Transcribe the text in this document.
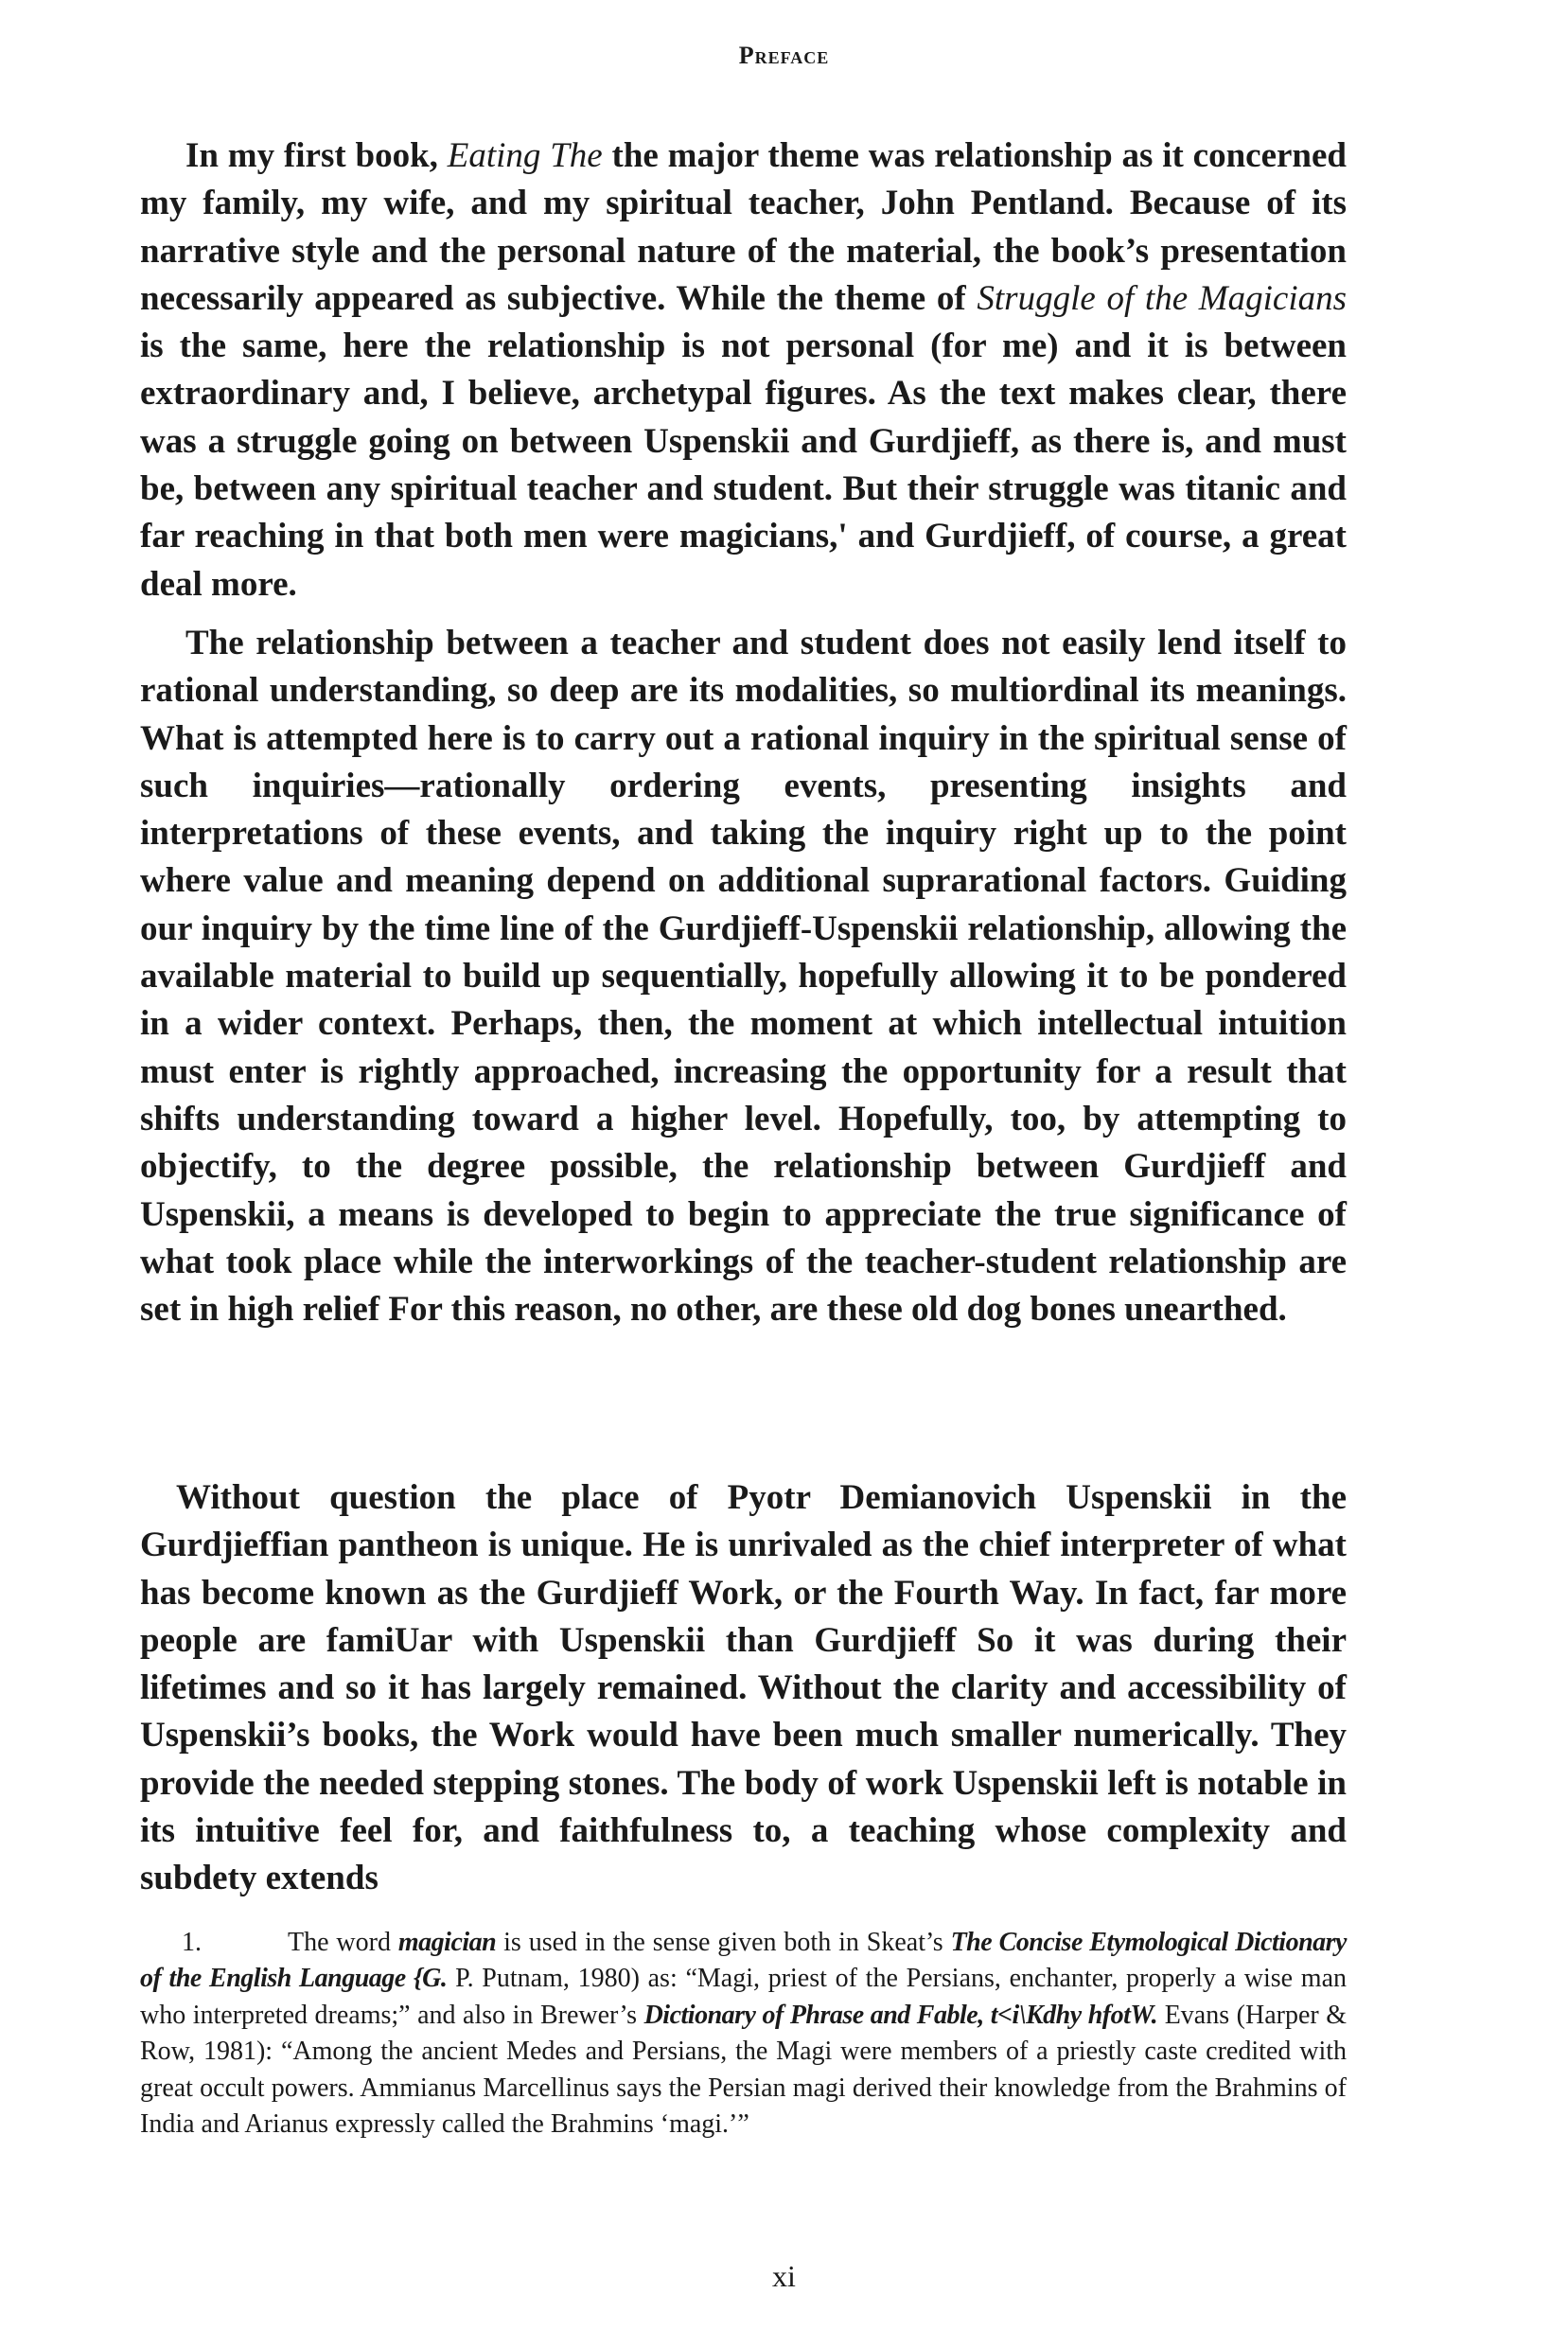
Preface

In my first book, Eating The the major theme was relationship as it concerned my family, my wife, and my spiritual teacher, John Pentland. Because of its narrative style and the personal nature of the material, the book’s presentation necessarily appeared as subjective. While the theme of Struggle of the Magicians is the same, here the relationship is not personal (for me) and it is between extraordinary and, I believe, archetypal figures. As the text makes clear, there was a struggle going on between Uspenskii and Gurdjieff, as there is, and must be, between any spiritual teacher and student. But their struggle was titanic and far reaching in that both men were magicians,' and Gurdjieff, of course, a great deal more.

The relationship between a teacher and student does not easily lend itself to rational understanding, so deep are its modalities, so multiordinal its meanings. What is attempted here is to carry out a rational inquiry in the spiritual sense of such inquiries—rationally ordering events, presenting insights and interpretations of these events, and taking the inquiry right up to the point where value and meaning depend on additional suprarational factors. Guiding our inquiry by the time line of the Gurdjieff-Uspenskii relationship, allowing the available material to build up sequentially, hopefully allowing it to be pondered in a wider context. Perhaps, then, the moment at which intellectual intuition must enter is rightly approached, increasing the opportunity for a result that shifts understanding toward a higher level. Hopefully, too, by attempting to objectify, to the degree possible, the relationship between Gurdjieff and Uspenskii, a means is developed to begin to appreciate the true significance of what took place while the interworkings of the teacher-student relationship are set in high relief For this reason, no other, are these old dog bones unearthed.

Without question the place of Pyotr Demianovich Uspenskii in the Gurdjieffian pantheon is unique. He is unrivaled as the chief interpreter of what has become known as the Gurdjieff Work, or the Fourth Way. In fact, far more people are famiUar with Uspenskii than Gurdjieff So it was during their lifetimes and so it has largely remained. Without the clarity and accessibility of Uspenskii’s books, the Work would have been much smaller numerically. They provide the needed stepping stones. The body of work Uspenskii left is notable in its intuitive feel for, and faithfulness to, a teaching whose complexity and subdety extends

1.	The word magician is used in the sense given both in Skeat’s The Concise Etymological Dictionary of the English Language {G. P. Putnam, 1980) as: “Magi, priest of the Persians, enchanter, properly a wise man who interpreted dreams;” and also in Brewer’s Dictionary of Phrase and Fable, t<i\Kdhy hfotW. Evans (Harper & Row, 1981): “Among the ancient Medes and Persians, the Magi were members of a priestly caste credited with great occult powers. Ammianus Marcellinus says the Persian magi derived their knowledge from the Brahmins of India and Arianus expressly called the Brahmins ‘magi.’”

xi
